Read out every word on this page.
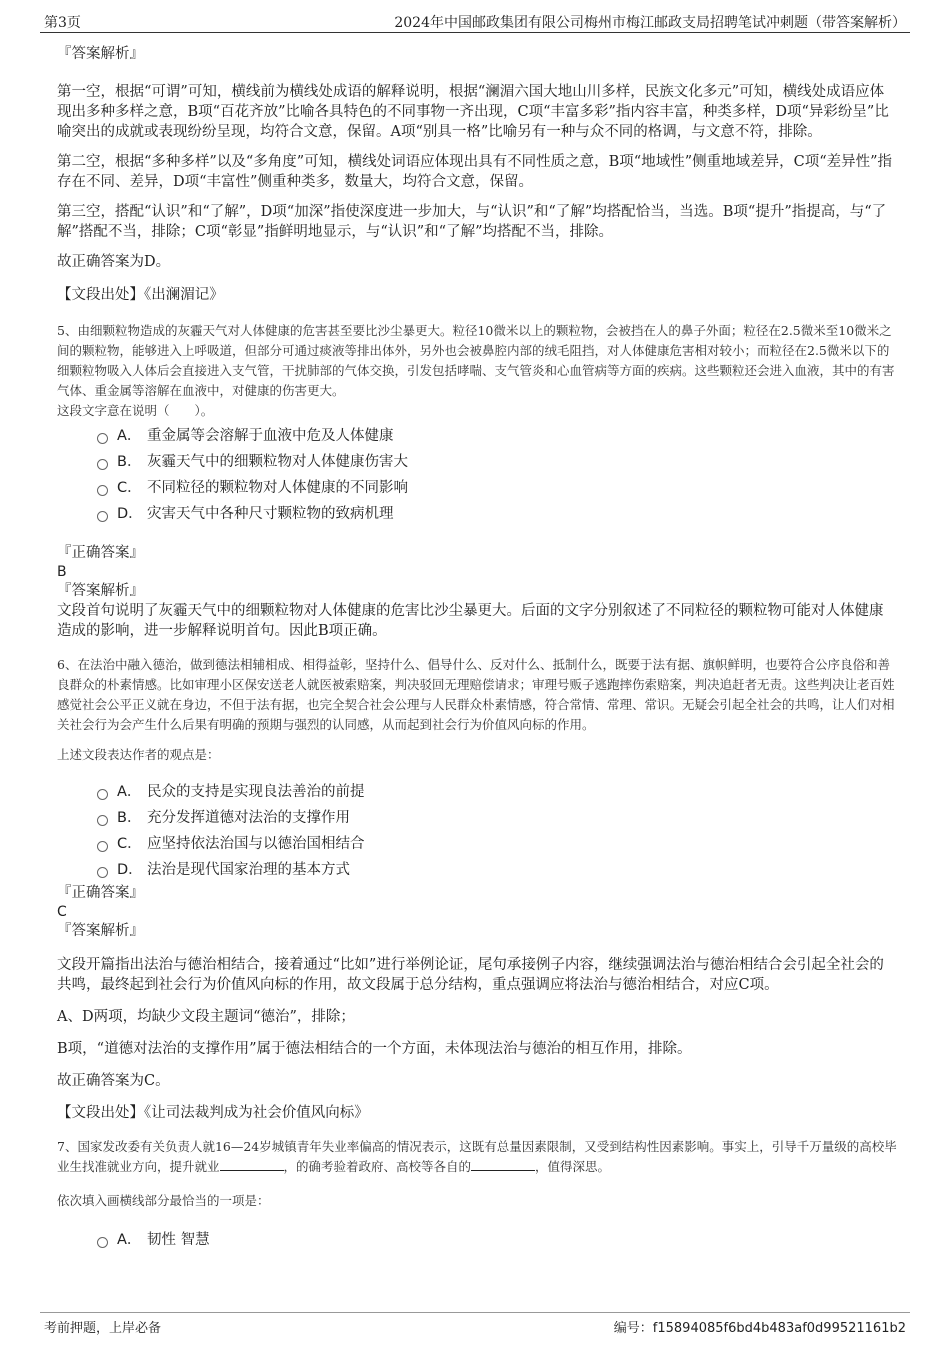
第3页	2024年中国邮政集团有限公司梅州市梅江邮政支局招聘笔试冲刺题（带答案解析）

『答案解析』

第一空，根据“可谓”可知，横线前为横线处成语的解释说明，根据“澜湄六国大地山川多样，民族文化多元”可知，横线处成语应体现出多种多样之意，B项“百花齐放”比喻各具特色的不同事物一齐出现，C项“丰富多彩”指内容丰富，种类多样，D项“异彩纷呈”比喻突出的成就或表现纷纷呈现，均符合文意，保留。A项“别具一格”比喻另有一种与众不同的格调，与文意不符，排除。

第二空，根据“多种多样”以及“多角度”可知，横线处词语应体现出具有不同性质之意，B项“地域性”侧重地域差异，C项“差异性”指存在不同、差异，D项“丰富性”侧重种类多，数量大，均符合文意，保留。

第三空，搭配“认识”和“了解”，D项“加深”指使深度进一步加大，与“认识”和“了解”均搭配恰当，当选。B项“提升”指提高，与“了解”搭配不当，排除；C项“彰显”指鲜明地显示，与“认识”和“了解”均搭配不当，排除。

故正确答案为D。

【文段出处】《出澜湄记》

5、由细颗粒物造成的灰霾天气对人体健康的危害甚至要比沙尘暴更大。粒径10微米以上的颗粒物，会被挡在人的鼻子外面；粒径在2.5微米至10微米之间的颗粒物，能够进入上呼吸道，但部分可通过痰液等排出体外，另外也会被鼻腔内部的绒毛阻挡，对人体健康危害相对较小；而粒径在2.5微米以下的细颗粒物吸入人体后会直接进入支气管，干扰肺部的气体交换，引发包括哮喘、支气管炎和心血管病等方面的疾病。这些颗粒还会进入血液，其中的有害气体、重金属等溶解在血液中，对健康的伤害更大。

这段文字意在说明（　　）。

A． 重金属等会溶解于血液中危及人体健康
B． 灰霾天气中的细颗粒物对人体健康伤害大
C． 不同粒径的颗粒物对人体健康的不同影响
D． 灾害天气中各种尺寸颗粒物的致病机理

『正确答案』

B

『答案解析』

文段首句说明了灰霾天气中的细颗粒物对人体健康的危害比沙尘暴更大。后面的文字分别叙述了不同粒径的颗粒物可能对人体健康造成的影响，进一步解释说明首句。因此B项正确。

6、在法治中融入德治，做到德法相辅相成、相得益彰，坚持什么、倡导什么、反对什么、抵制什么，既要于法有据、旗帜鲜明，也要符合公序良俗和善良群众的朴素情感。比如审理小区保安送老人就医被索赔案，判决驳回无理赔偿请求；审理号贩子逃跑摔伤索赔案，判决追赶者无责。这些判决让老百姓感觉社会公平正义就在身边，不但于法有据，也完全契合社会公理与人民群众朴素情感，符合常情、常理、常识。无疑会引起全社会的共鸣，让人们对相关社会行为会产生什么后果有明确的预期与强烈的认同感，从而起到社会行为价值风向标的作用。

上述文段表达作者的观点是：

A． 民众的支持是实现良法善治的前提
B． 充分发挥道德对法治的支撑作用
C． 应坚持依法治国与以德治国相结合
D． 法治是现代国家治理的基本方式

『正确答案』

C

『答案解析』

文段开篇指出法治与德治相结合，接着通过“比如”进行举例论证，尾句承接例子内容，继续强调法治与德治相结合会引起全社会的共鸣，最终起到社会行为价值风向标的作用，故文段属于总分结构，重点强调应将法治与德治相结合，对应C项。

A、D两项，均缺少文段主题词“德治”，排除；

B项，“道德对法治的支撑作用”属于德法相结合的一个方面，未体现法治与德治的相互作用，排除。

故正确答案为C。

【文段出处】《让司法裁判成为社会价值风向标》

7、国家发改委有关负责人就16—24岁城镇青年失业率偏高的情况表示，这既有总量因素限制，又受到结构性因素影响。事实上，引导千万量级的高校毕业生找准就业方向，提升就业	，的确考验着政府、高校等各自的	，值得深思。

依次填入画横线部分最恰当的一项是：

A． 韧性 智慧
考前押题，上岸必备	编号：f15894085f6bd4b483af0d99521161b2
